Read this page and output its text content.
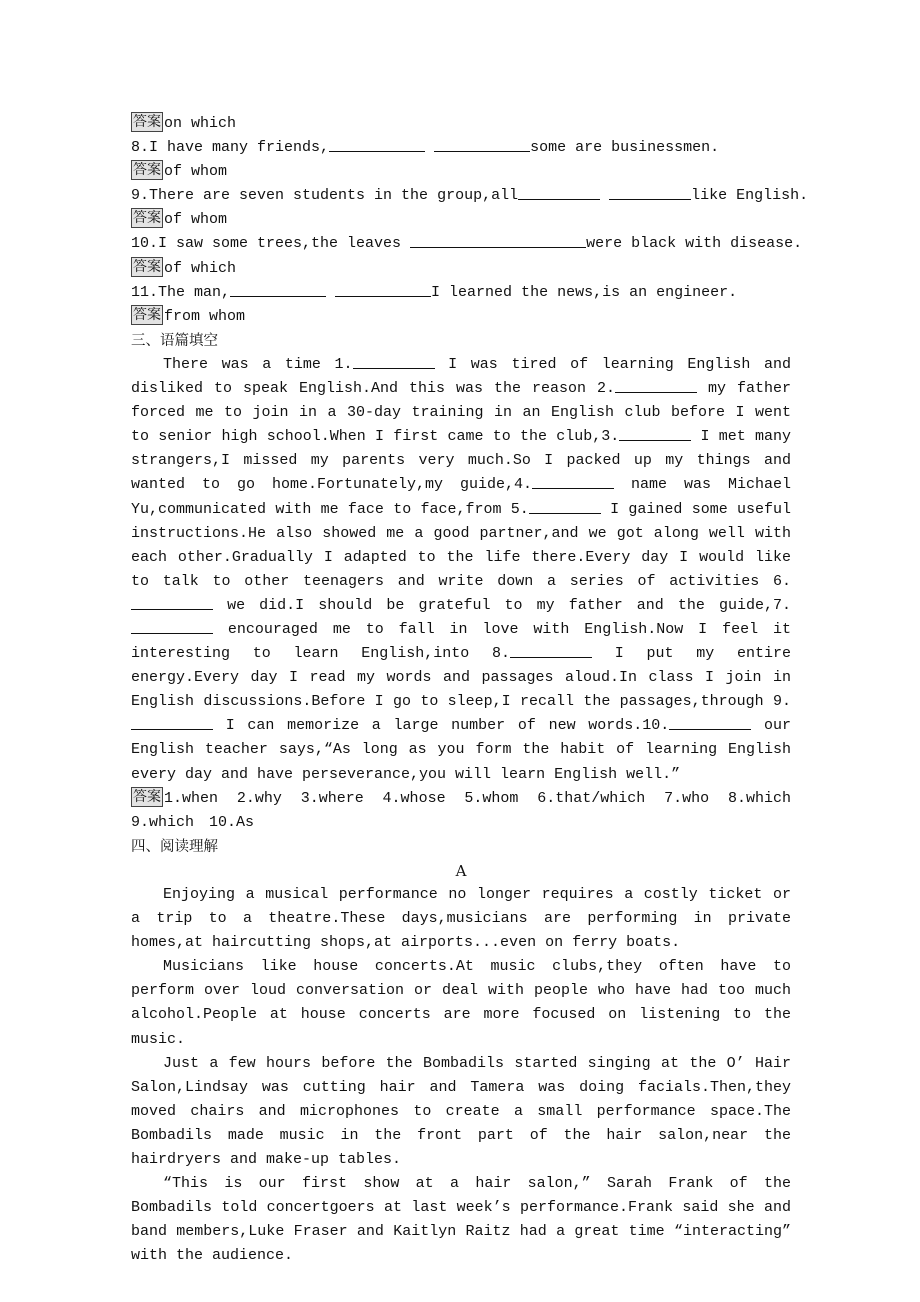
答案 on which
8.I have many friends,	some are businessmen.
答案 of whom
9.There are seven students in the group,all	like English.
答案 of whom
10.I saw some trees,the leaves	were black with disease.
答案 of which
11.The man,	I learned the news,is an engineer.
答案 from whom
三、语篇填空
There was a time 1.	I was tired of learning English and disliked to speak English.And this was the reason 2.	my father forced me to join in a 30-day training in an English club before I went to senior high school.When I first came to the club,3.	I met many strangers,I missed my parents very much.So I packed up my things and wanted to go home.Fortunately,my guide,4.	name was Michael Yu,communicated with me face to face,from 5.	I gained some useful instructions.He also showed me a good partner,and we got along well with each other.Gradually I adapted to the life there.Every day I would like to talk to other teenagers and write down a series of activities 6. we did.I should be grateful to my father and the guide,7. encouraged me to fall in love with English.Now I feel it interesting to learn English,into 8.	I put my entire energy.Every day I read my words and passages aloud.In class I join in English discussions.Before I go to sleep,I recall the passages,through 9. I can memorize a large number of new words.10.	our English teacher says,“As long as you form the habit of learning English every day and have perseverance,you will learn English well.”
答案 1.when　2.why　3.where　4.whose　5.whom　6.that/which　7.who　8.which　9.which　10.As
四、阅读理解
A
Enjoying a musical performance no longer requires a costly ticket or a trip to a theatre.These days,musicians are performing in private homes,at haircutting shops,at airports...even on ferry boats.
Musicians like house concerts.At music clubs,they often have to perform over loud conversation or deal with people who have had too much alcohol.People at house concerts are more focused on listening to the music.
Just a few hours before the Bombadils started singing at the O’ Hair Salon,Lindsay was cutting hair and Tamera was doing facials.Then,they moved chairs and microphones to create a small performance space.The Bombadils made music in the front part of the hair salon,near the hairdryers and make-up tables.
“This is our first show at a hair salon,” Sarah Frank of the Bombadils told concertgoers at last week’s performance.Frank said she and band members,Luke Fraser and Kaitlyn Raitz had a great time “interacting” with the audience.
